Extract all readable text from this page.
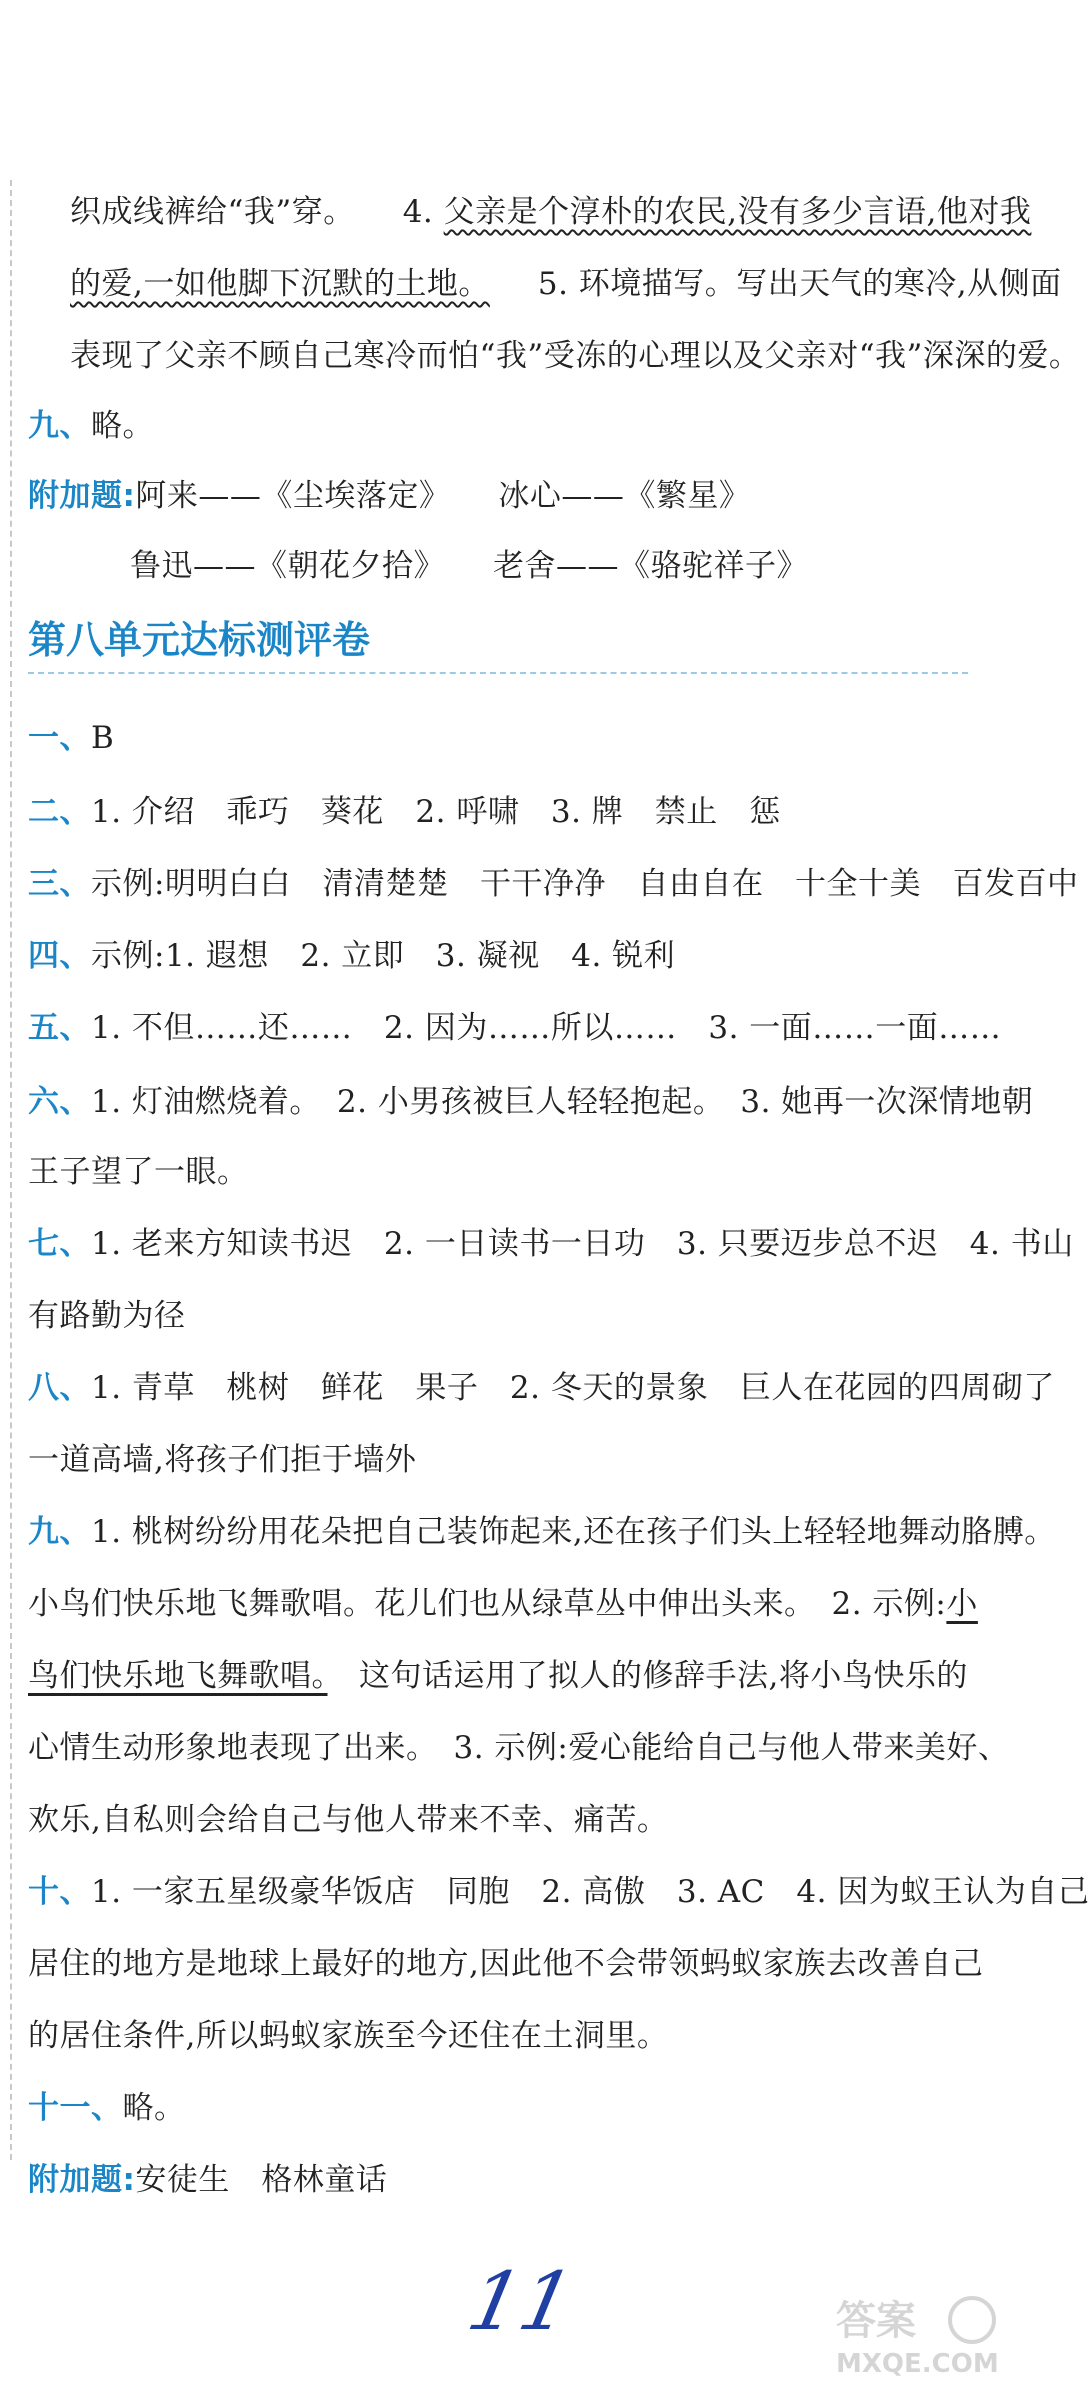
织成线裤给“我”穿。 4. 父亲是个淳朴的农民,没有多少言语,他对我
的爱,一如他脚下沉默的土地。 5. 环境描写。写出天气的寒冷,从侧面
表现了父亲不顾自己寒冷而怕“我”受冻的心理以及父亲对“我”深深的爱。
九、略。
附加题:阿来——《尘埃落定》 冰心——《繁星》
鲁迅——《朝花夕拾》 老舍——《骆驼祥子》
第八单元达标测评卷
一、B
二、1. 介绍　乖巧　葵花　2. 呼啸　3. 牌　禁止　惩
三、示例:明明白白　清清楚楚　干干净净　自由自在　十全十美　百发百中
四、示例:1. 遐想　2. 立即　3. 凝视　4. 锐利
五、1. 不但……还……　2. 因为……所以……　3. 一面……一面……
六、1. 灯油燃烧着。　2. 小男孩被巨人轻轻抱起。　3. 她再一次深情地朝
王子望了一眼。
七、1. 老来方知读书迟　2. 一日读书一日功　3. 只要迈步总不迟　4. 书山
有路勤为径
八、1. 青草　桃树　鲜花　果子　2. 冬天的景象　巨人在花园的四周砌了
一道高墙,将孩子们拒于墙外
九、1. 桃树纷纷用花朵把自己装饰起来,还在孩子们头上轻轻地舞动胳膊。
小鸟们快乐地飞舞歌唱。花儿们也从绿草丛中伸出头来。　2. 示例:小
鸟们快乐地飞舞歌唱。　这句话运用了拟人的修辞手法,将小鸟快乐的
心情生动形象地表现了出来。　3. 示例:爱心能给自己与他人带来美好、
欢乐,自私则会给自己与他人带来不幸、痛苦。
十、1. 一家五星级豪华饭店　同胞　2. 高傲　3. AC　4. 因为蚁王认为自己
居住的地方是地球上最好的地方,因此他不会带领蚂蚁家族去改善自己
的居住条件,所以蚂蚁家族至今还住在土洞里。
十一、略。
附加题:安徒生　格林童话
11	答案
MXQE.COM
